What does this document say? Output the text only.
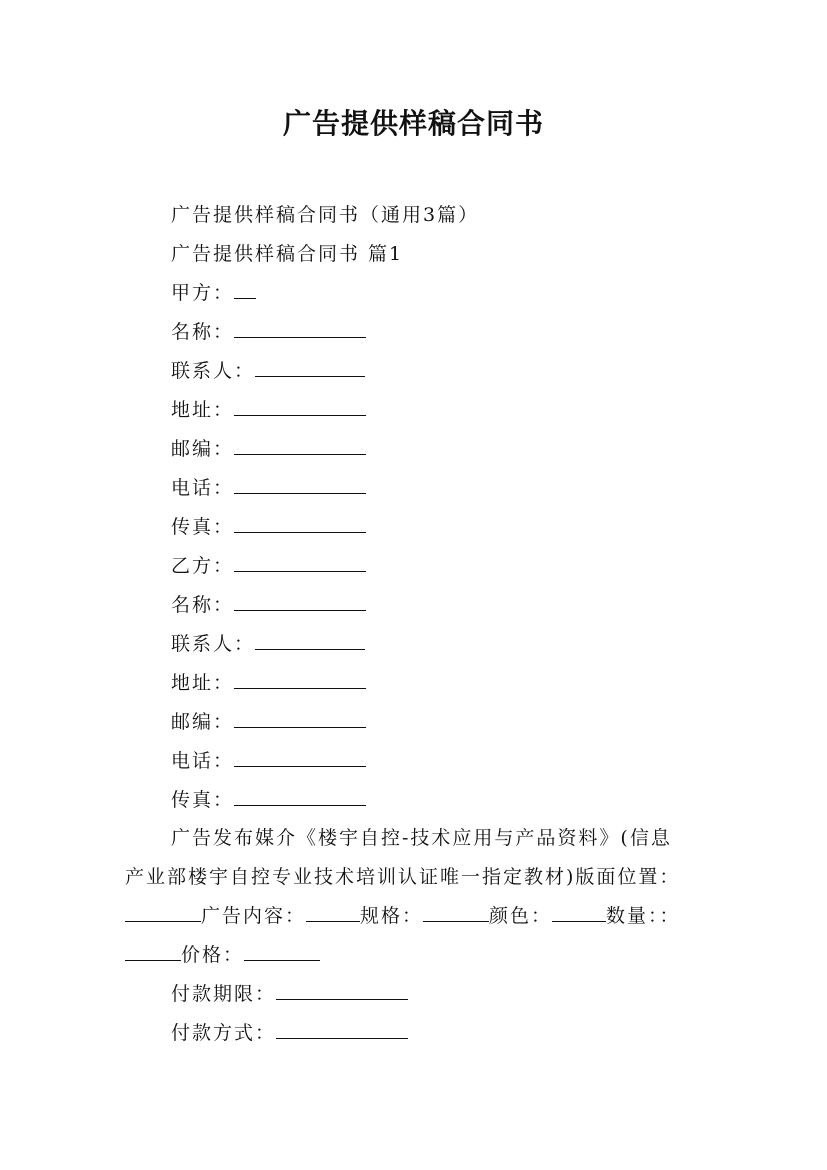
广告提供样稿合同书
广告提供样稿合同书（通用3篇）
广告提供样稿合同书 篇1
甲方：
名称：
联系人：
地址：
邮编：
电话：
传真：
乙方：
名称：
联系人：
地址：
邮编：
电话：
传真：
广告发布媒介《楼宇自控-技术应用与产品资料》(信息
产业部楼宇自控专业技术培训认证唯一指定教材)版面位置：
广告内容：	规格：	颜色：	数量：：
价格：
付款期限：
付款方式：
